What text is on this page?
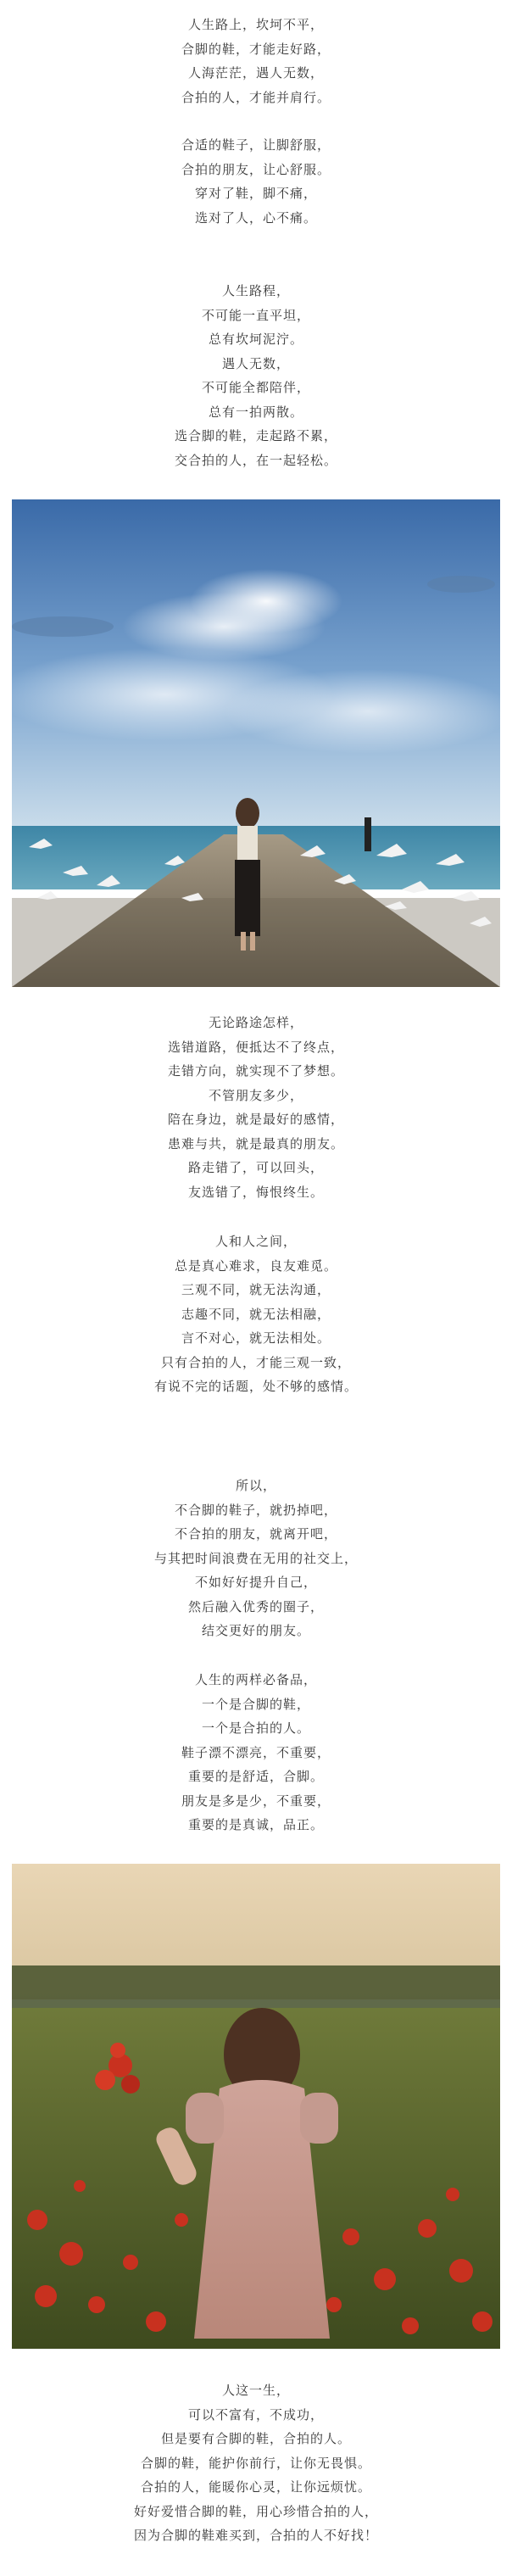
人生路上，坎坷不平，

合脚的鞋，才能走好路，

人海茫茫，遇人无数，

合拍的人，才能并肩行。

合适的鞋子，让脚舒服，

合拍的朋友，让心舒服。

穿对了鞋，脚不痛，

选对了人，心不痛。

人生路程，

不可能一直平坦，

总有坎坷泥泞。

遇人无数，

不可能全都陪伴，

总有一拍两散。

选合脚的鞋，走起路不累，

交合拍的人，在一起轻松。

无论路途怎样，

选错道路，便抵达不了终点，

走错方向，就实现不了梦想。

不管朋友多少，

陪在身边，就是最好的感情，

患难与共，就是最真的朋友。

路走错了，可以回头，

友选错了，悔恨终生。

人和人之间，

总是真心难求，良友难觅。

三观不同，就无法沟通，

志趣不同，就无法相融，

言不对心，就无法相处。

只有合拍的人，才能三观一致，

有说不完的话题，处不够的感情。

所以，

不合脚的鞋子，就扔掉吧，

不合拍的朋友，就离开吧，

与其把时间浪费在无用的社交上，

不如好好提升自己，

然后融入优秀的圈子，

结交更好的朋友。

人生的两样必备品，

一个是合脚的鞋，

一个是合拍的人。

鞋子漂不漂亮，不重要，

重要的是舒适，合脚。

朋友是多是少，不重要，

重要的是真诚，品正。

人这一生，

可以不富有，不成功，

但是要有合脚的鞋，合拍的人。

合脚的鞋，能护你前行，让你无畏惧。

合拍的人，能暖你心灵，让你远烦忧。

好好爱惜合脚的鞋，用心珍惜合拍的人，

因为合脚的鞋难买到，合拍的人不好找！
